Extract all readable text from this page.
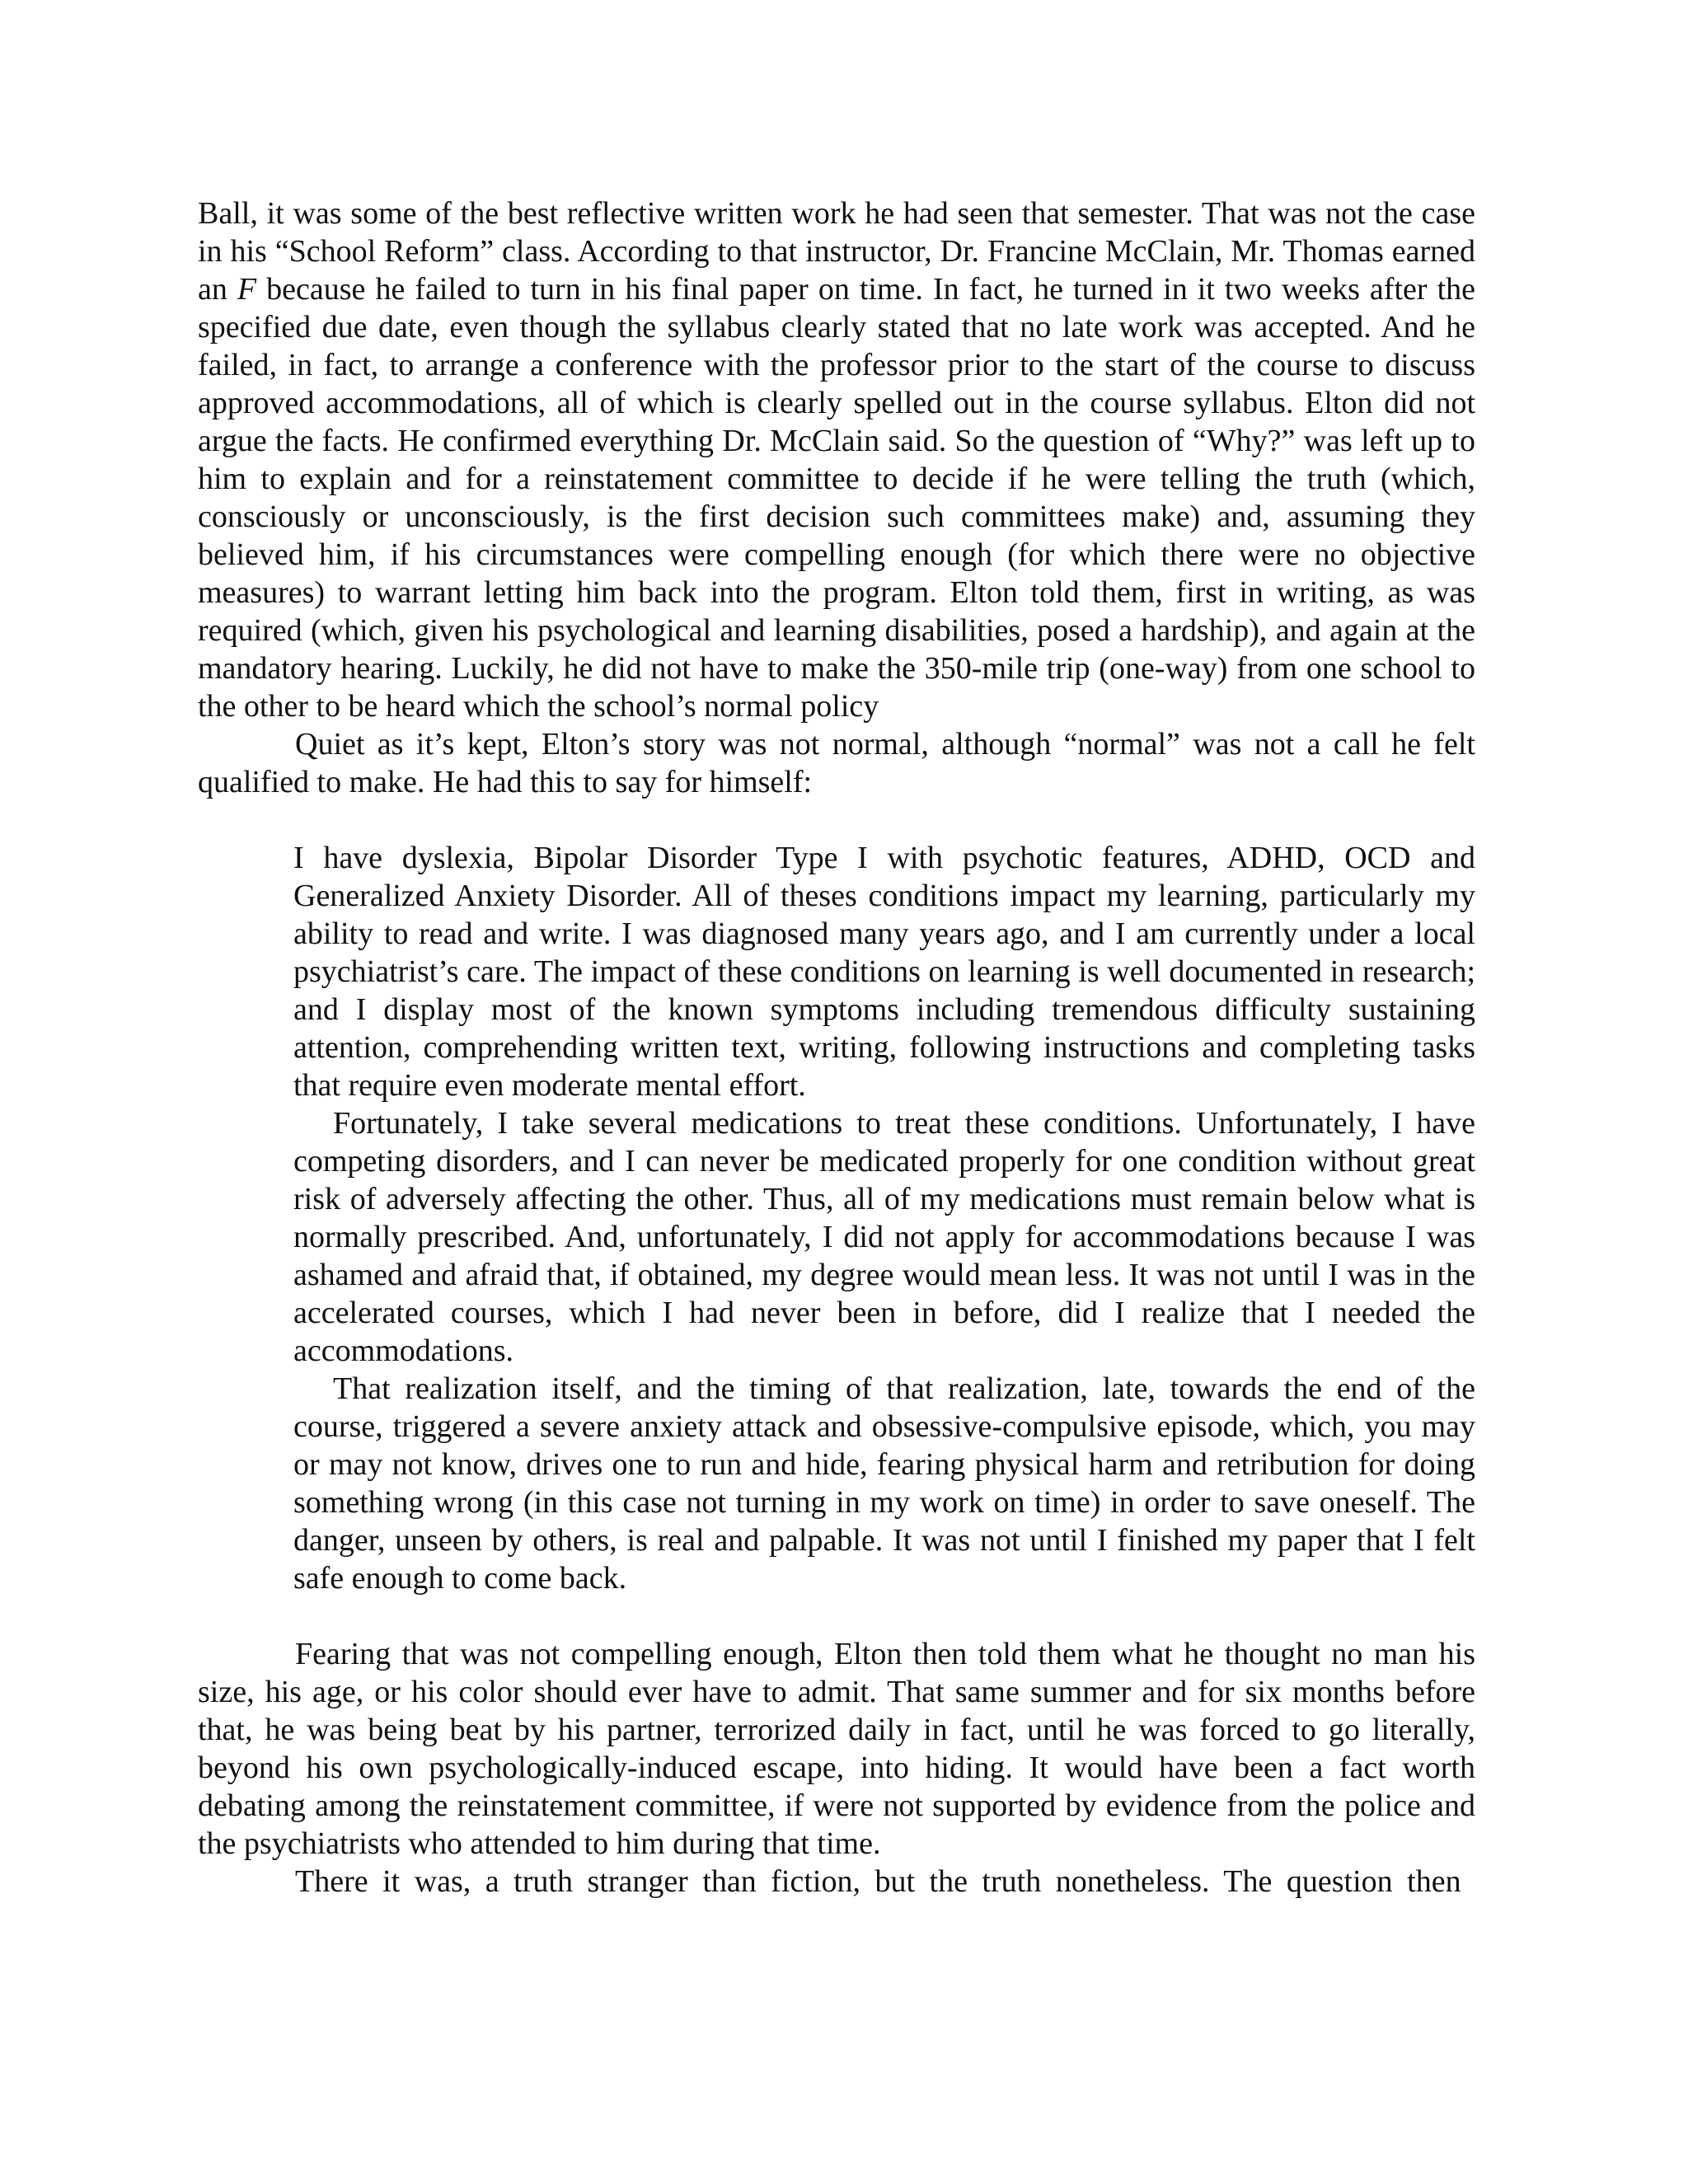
Ball, it was some of the best reflective written work he had seen that semester. That was not the case in his “School Reform” class. According to that instructor, Dr. Francine McClain, Mr. Thomas earned an F because he failed to turn in his final paper on time. In fact, he turned in it two weeks after the specified due date, even though the syllabus clearly stated that no late work was accepted. And he failed, in fact, to arrange a conference with the professor prior to the start of the course to discuss approved accommodations, all of which is clearly spelled out in the course syllabus. Elton did not argue the facts. He confirmed everything Dr. McClain said. So the question of “Why?” was left up to him to explain and for a reinstatement committee to decide if he were telling the truth (which, consciously or unconsciously, is the first decision such committees make) and, assuming they believed him, if his circumstances were compelling enough (for which there were no objective measures) to warrant letting him back into the program. Elton told them, first in writing, as was required (which, given his psychological and learning disabilities, posed a hardship), and again at the mandatory hearing. Luckily, he did not have to make the 350-mile trip (one-way) from one school to the other to be heard which the school’s normal policy

Quiet as it’s kept, Elton’s story was not normal, although “normal” was not a call he felt qualified to make. He had this to say for himself:

I have dyslexia, Bipolar Disorder Type I with psychotic features, ADHD, OCD and Generalized Anxiety Disorder. All of theses conditions impact my learning, particularly my ability to read and write. I was diagnosed many years ago, and I am currently under a local psychiatrist’s care. The impact of these conditions on learning is well documented in research; and I display most of the known symptoms including tremendous difficulty sustaining attention, comprehending written text, writing, following instructions and completing tasks that require even moderate mental effort.

Fortunately, I take several medications to treat these conditions. Unfortunately, I have competing disorders, and I can never be medicated properly for one condition without great risk of adversely affecting the other. Thus, all of my medications must remain below what is normally prescribed. And, unfortunately, I did not apply for accommodations because I was ashamed and afraid that, if obtained, my degree would mean less. It was not until I was in the accelerated courses, which I had never been in before, did I realize that I needed the accommodations.

That realization itself, and the timing of that realization, late, towards the end of the course, triggered a severe anxiety attack and obsessive-compulsive episode, which, you may or may not know, drives one to run and hide, fearing physical harm and retribution for doing something wrong (in this case not turning in my work on time) in order to save oneself. The danger, unseen by others, is real and palpable. It was not until I finished my paper that I felt safe enough to come back.

Fearing that was not compelling enough, Elton then told them what he thought no man his size, his age, or his color should ever have to admit. That same summer and for six months before that, he was being beat by his partner, terrorized daily in fact, until he was forced to go literally, beyond his own psychologically-induced escape, into hiding. It would have been a fact worth debating among the reinstatement committee, if were not supported by evidence from the police and the psychiatrists who attended to him during that time.

There it was, a truth stranger than fiction, but the truth nonetheless. The question then
